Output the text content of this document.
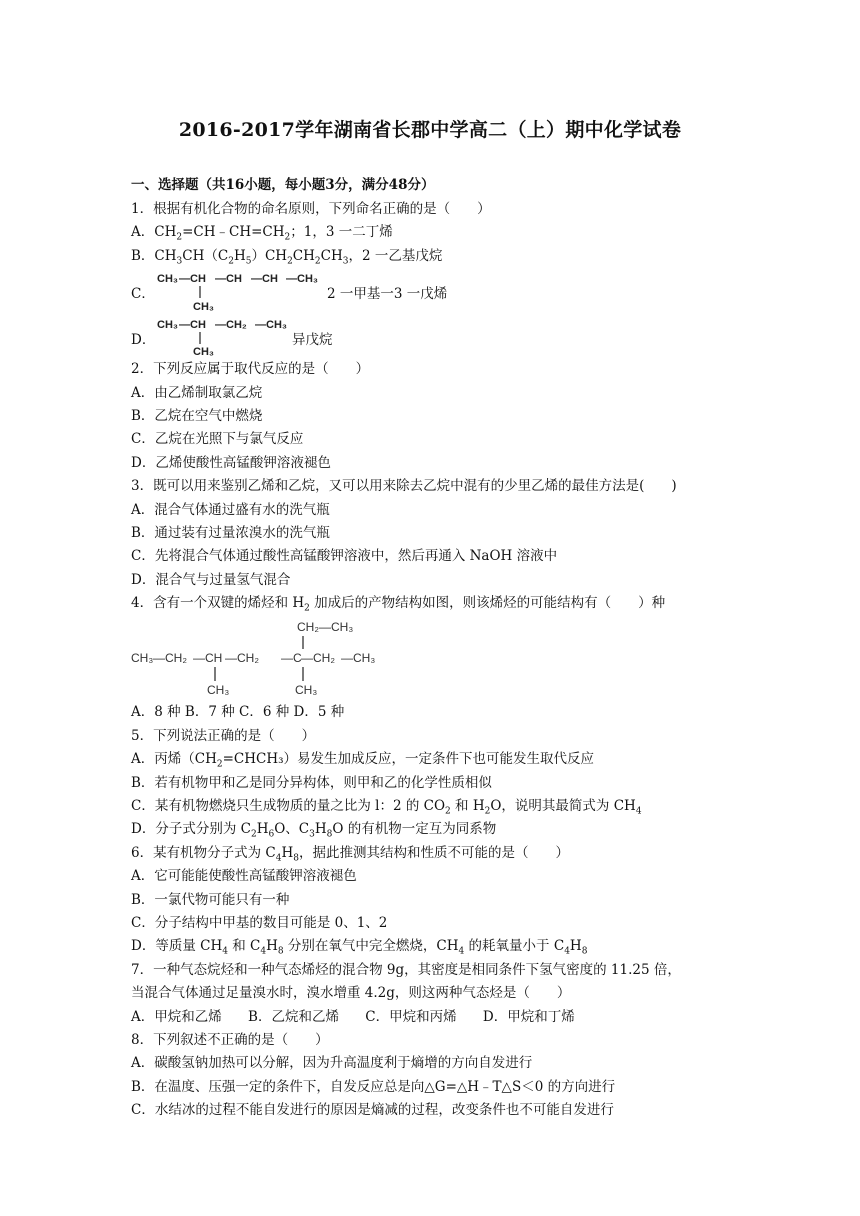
2016-2017学年湖南省长郡中学高二（上）期中化学试卷
一、选择题（共16小题，每小题3分，满分48分）
1．根据有机化合物的命名原则，下列命名正确的是（　　）
A．$CH_2=CH﹣CH=CH_2$；1，3 一二丁烯
B．$CH_3CH(C_2H_5)CH_2CH_2CH_3$，2 一乙基戊烷
C．
CH₃ —CH —CH —CH —CH₃
CH₃
2 一甲基一3 一戊烯
D．
CH₃ —CH —CH₂ —CH₃
CH₃
异戊烷
2．下列反应属于取代反应的是（　　）
A．由乙烯制取氯乙烷
B．乙烷在空气中燃烧
C．乙烷在光照下与氯气反应
D．乙烯使酸性高锰酸钾溶液褪色
3．既可以用来鉴别乙烯和乙烷，又可以用来除去乙烷中混有的少里乙烯的最佳方法是(　　)
A．混合气体通过盛有水的洗气瓶
B．通过装有过量浓溴水的洗气瓶
C．先将混合气体通过酸性高锰酸钾溶液中，然后再通入 NaOH 溶液中
D．混合气与过量氢气混合
4．含有一个双键的烯烃和 $H_2$ 加成后的产物结构如图，则该烯烃的可能结构有（　　）种
CH₂—CH₃
CH₃ —CH₂ —CH —CH₂ —C —CH₂ —CH₃
CH₃	CH₃
A．8 种 B．7 种 C．6 种 D．5 种
5．下列说法正确的是（　　）
A．丙烯$(CH_2=CHCH_3)$易发生加成反应，一定条件下也可能发生取代反应
B．若有机物甲和乙是同分异构体，则甲和乙的化学性质相似
C．某有机物燃烧只生成物质的量之比为 l：2 的 $CO_2$ 和 $H_2O$，说明其最简式为 $CH_4$
D．分子式分别为 $C_2H_6O$、$C_3H_8O$ 的有机物一定互为同系物
6．某有机物分子式为 $C_4H_8$，据此推测其结构和性质不可能的是（　　）
A．它可能能使酸性高锰酸钾溶液褪色
B．一氯代物可能只有一种
C．分子结构中甲基的数目可能是 0、1、2
D．等质量 $CH_4$ 和 $C_4H_8$ 分别在氧气中完全燃烧，$CH_4$ 的耗氧量小于 $C_4H_8$
7．一种气态烷烃和一种气态烯烃的混合物 9g，其密度是相同条件下氢气密度的 11.25 倍，
当混合气体通过足量溴水时，溴水增重 4.2g，则这两种气态烃是（　　）
A．甲烷和乙烯 B．乙烷和乙烯 C．甲烷和丙烯 D．甲烷和丁烯
8．下列叙述不正确的是（　　）
A．碳酸氢钠加热可以分解，因为升高温度利于熵增的方向自发进行
B．在温度、压强一定的条件下，自发反应总是向△G=△H﹣T△S＜0 的方向进行
C．水结冰的过程不能自发进行的原因是熵减的过程，改变条件也不可能自发进行
